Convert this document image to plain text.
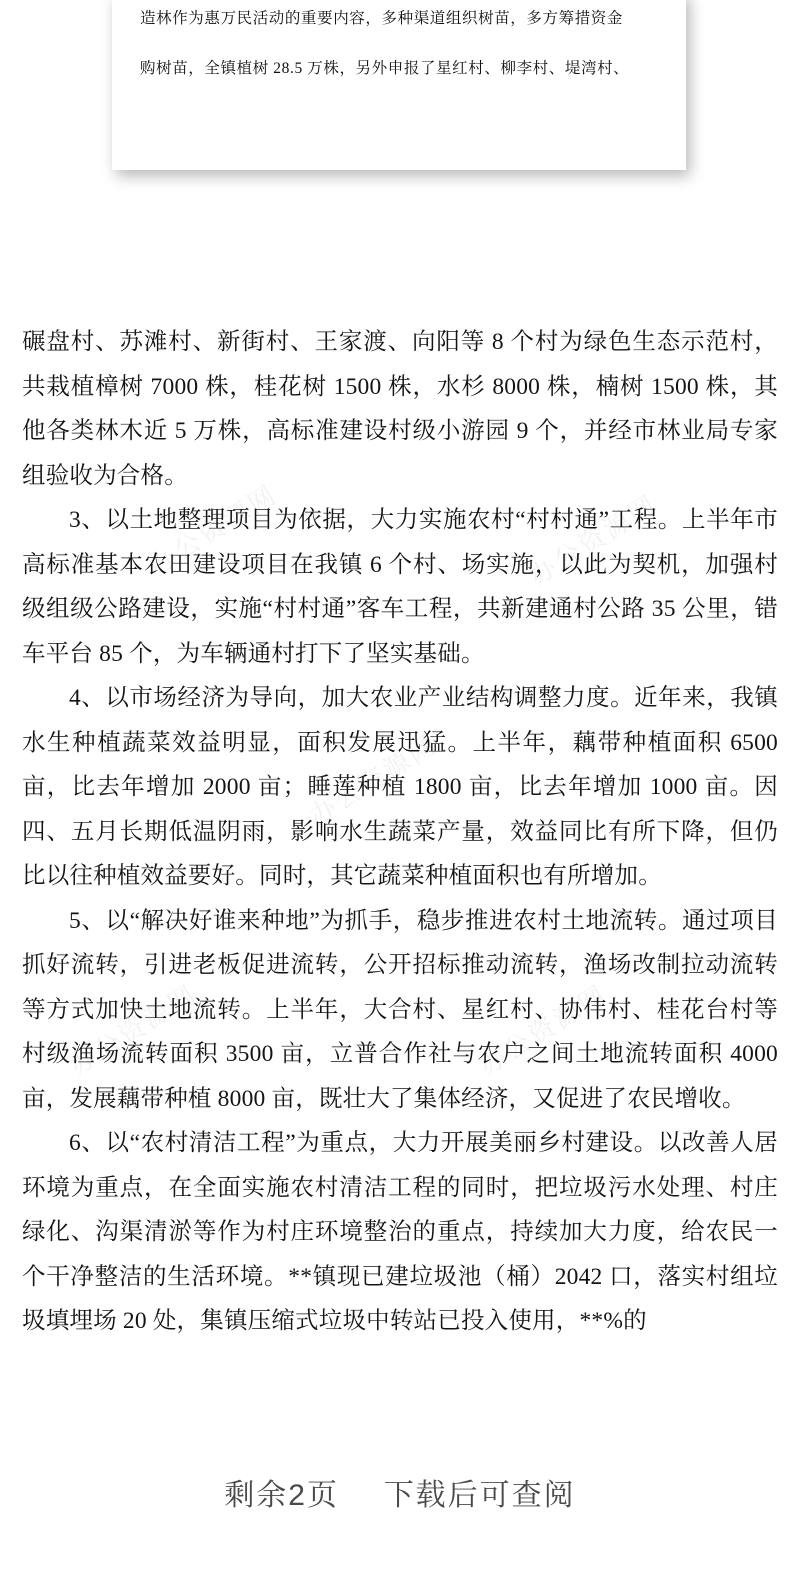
造林作为惠万民活动的重要内容，多种渠道组织树苗，多方筹措资金

购树苗，全镇植树 28.5 万株，另外申报了星红村、柳李村、堤湾村、

碾盘村、苏滩村、新街村、王家渡、向阳等 8 个村为绿色生态示范村，共栽植樟树 7000 株，桂花树 1500 株，水杉 8000 株，楠树 1500 株，其他各类林木近 5 万株，高标准建设村级小游园 9 个，并经市林业局专家组验收为合格。

3、以土地整理项目为依据，大力实施农村“村村通”工程。上半年市高标准基本农田建设项目在我镇 6 个村、场实施，以此为契机，加强村级组级公路建设，实施“村村通”客车工程，共新建通村公路 35 公里，错车平台 85 个，为车辆通村打下了坚实基础。

4、以市场经济为导向，加大农业产业结构调整力度。近年来，我镇水生种植蔬菜效益明显，面积发展迅猛。上半年，藕带种植面积 6500 亩，比去年增加 2000 亩；睡莲种植 1800 亩，比去年增加 1000 亩。因四、五月长期低温阴雨，影响水生蔬菜产量，效益同比有所下降，但仍比以往种植效益要好。同时，其它蔬菜种植面积也有所增加。

5、以“解决好谁来种地”为抓手，稳步推进农村土地流转。通过项目抓好流转，引进老板促进流转，公开招标推动流转，渔场改制拉动流转等方式加快土地流转。上半年，大合村、星红村、协伟村、桂花台村等村级渔场流转面积 3500 亩，立普合作社与农户之间土地流转面积 4000 亩，发展藕带种植 8000 亩，既壮大了集体经济，又促进了农民增收。

6、以“农村清洁工程”为重点，大力开展美丽乡村建设。以改善人居环境为重点，在全面实施农村清洁工程的同时，把垃圾污水处理、村庄绿化、沟渠清淤等作为村庄环境整治的重点，持续加大力度，给农民一个干净整洁的生活环境。**镇现已建垃圾池（桶）2042 口，落实村组垃圾填埋场 20 处，集镇压缩式垃圾中转站已投入使用，**%的

办公资源网	办公资源网
办公资源网	办公资源网
办公资源网
剩余2页 下载后可查阅
